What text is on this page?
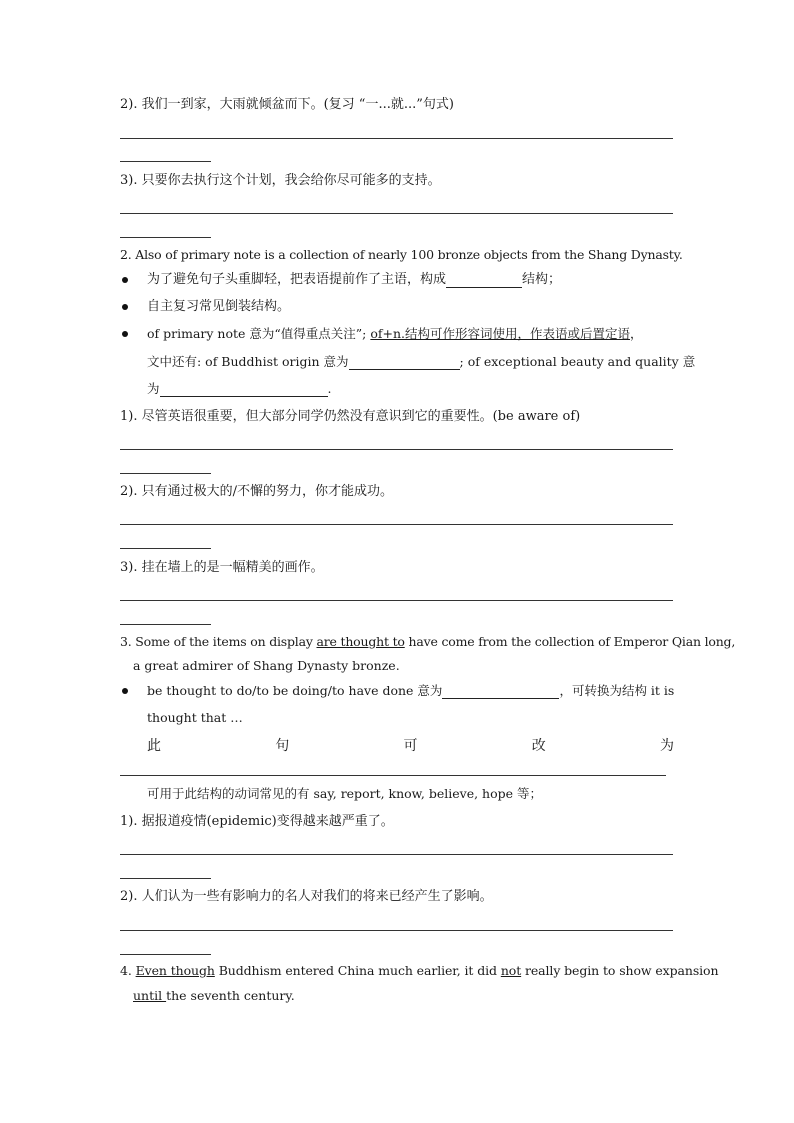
2). 我们一到家，大雨就倾盆而下。(复习 “一...就...”句式)
3). 只要你去执行这个计划，我会给你尽可能多的支持。
2. Also of primary note is a collection of nearly 100 bronze objects from the Shang Dynasty.
为了避免句子头重脚轻，把表语提前作了主语，构成	结构；
自主复习常见倒装结构。
of primary note 意为“值得重点关注”; of+n.结构可作形容词使用，作表语或后置定语，
文中还有: of Buddhist origin 意为	; of exceptional beauty and quality 意
为	.
1). 尽管英语很重要，但大部分同学仍然没有意识到它的重要性。(be aware of)
2). 只有通过极大的/不懈的努力，你才能成功。
3). 挂在墙上的是一幅精美的画作。
3. Some of the items on display are thought to have come from the collection of Emperor Qian long,
a great admirer of Shang Dynasty bronze.
be thought to do/to be doing/to have done 意为	，可转换为结构 it is
thought that …
此	句	可	改	为
可用于此结构的动词常见的有 say, report, know, believe, hope 等；
1). 据报道疫情(epidemic)变得越来越严重了。
2). 人们认为一些有影响力的名人对我们的将来已经产生了影响。
4. Even though Buddhism entered China much earlier, it did not really begin to show expansion
until the seventh century.
